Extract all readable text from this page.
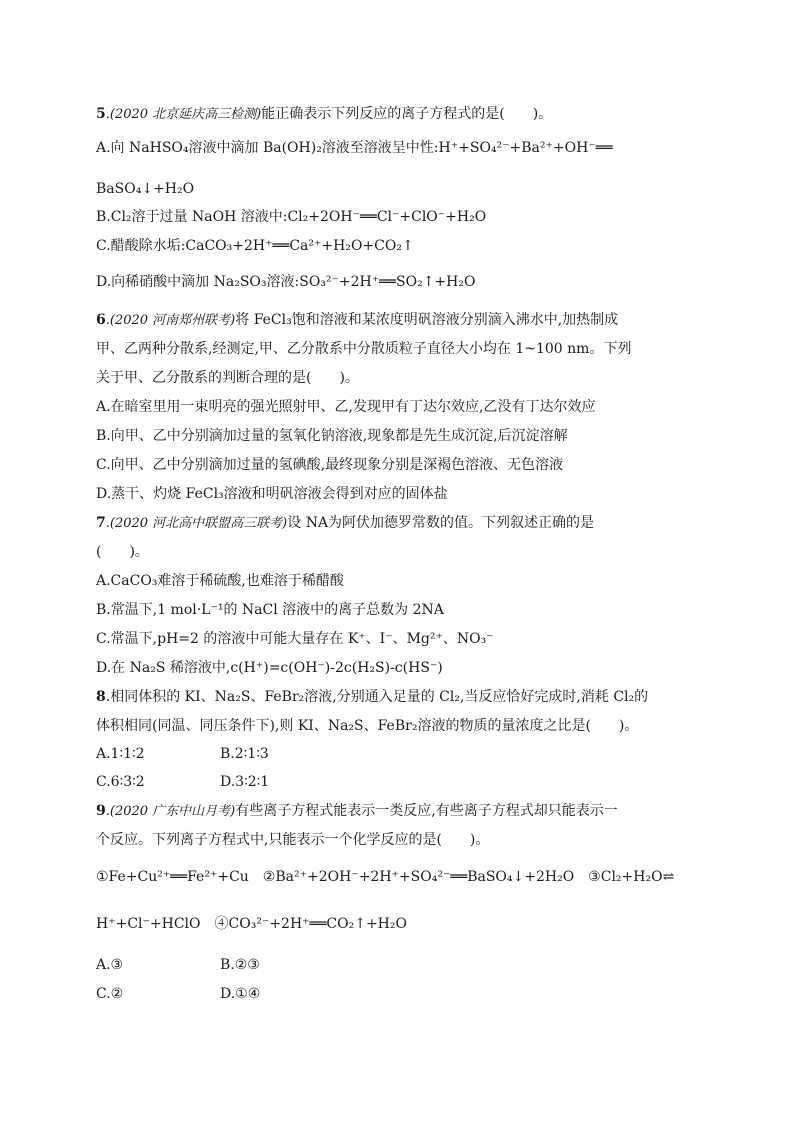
5.(2020 北京延庆高三检测)能正确表示下列反应的离子方程式的是(　　)。
A.向 NaHSO₄溶液中滴加 Ba(OH)₂溶液至溶液呈中性:H⁺+SO₄²⁻+Ba²⁺+OH⁻══
BaSO₄↓+H₂O
B.Cl₂溶于过量 NaOH 溶液中:Cl₂+2OH⁻══Cl⁻+ClO⁻+H₂O
C.醋酸除水垢:CaCO₃+2H⁺══Ca²⁺+H₂O+CO₂↑
D.向稀硝酸中滴加 Na₂SO₃溶液:SO₃²⁻+2H⁺══SO₂↑+H₂O
6.(2020 河南郑州联考)将 FeCl₃饱和溶液和某浓度明矾溶液分别滴入沸水中,加热制成
甲、乙两种分散系,经测定,甲、乙分散系中分散质粒子直径大小均在 1~100 nm。下列
关于甲、乙分散系的判断合理的是(　　)。
A.在暗室里用一束明亮的强光照射甲、乙,发现甲有丁达尔效应,乙没有丁达尔效应
B.向甲、乙中分别滴加过量的氢氧化钠溶液,现象都是先生成沉淀,后沉淀溶解
C.向甲、乙中分别滴加过量的氢碘酸,最终现象分别是深褐色溶液、无色溶液
D.蒸干、灼烧 FeCl₃溶液和明矾溶液会得到对应的固体盐
7.(2020 河北高中联盟高三联考)设 NA为阿伏加德罗常数的值。下列叙述正确的是
(　　)。
A.CaCO₃难溶于稀硫酸,也难溶于稀醋酸
B.常温下,1 mol·L⁻¹的 NaCl 溶液中的离子总数为 2NA
C.常温下,pH=2 的溶液中可能大量存在 K⁺、I⁻、Mg²⁺、NO₃⁻
D.在 Na₂S 稀溶液中,c(H⁺)=c(OH⁻)-2c(H₂S)-c(HS⁻)
8.相同体积的 KI、Na₂S、FeBr₂溶液,分别通入足量的 Cl₂,当反应恰好完成时,消耗 Cl₂的
体积相同(同温、同压条件下),则 KI、Na₂S、FeBr₂溶液的物质的量浓度之比是(　　)。
A.1∶1∶2	B.2∶1∶3
C.6∶3∶2	D.3∶2∶1
9.(2020 广东中山月考)有些离子方程式能表示一类反应,有些离子方程式却只能表示一
个反应。下列离子方程式中,只能表示一个化学反应的是(　　)。
①Fe+Cu²⁺══Fe²⁺+Cu　②Ba²⁺+2OH⁻+2H⁺+SO₄²⁻══BaSO₄↓+2H₂O　③Cl₂+H₂O⇌
H⁺+Cl⁻+HClO　④CO₃²⁻+2H⁺══CO₂↑+H₂O
A.③	B.②③
C.②	D.①④
